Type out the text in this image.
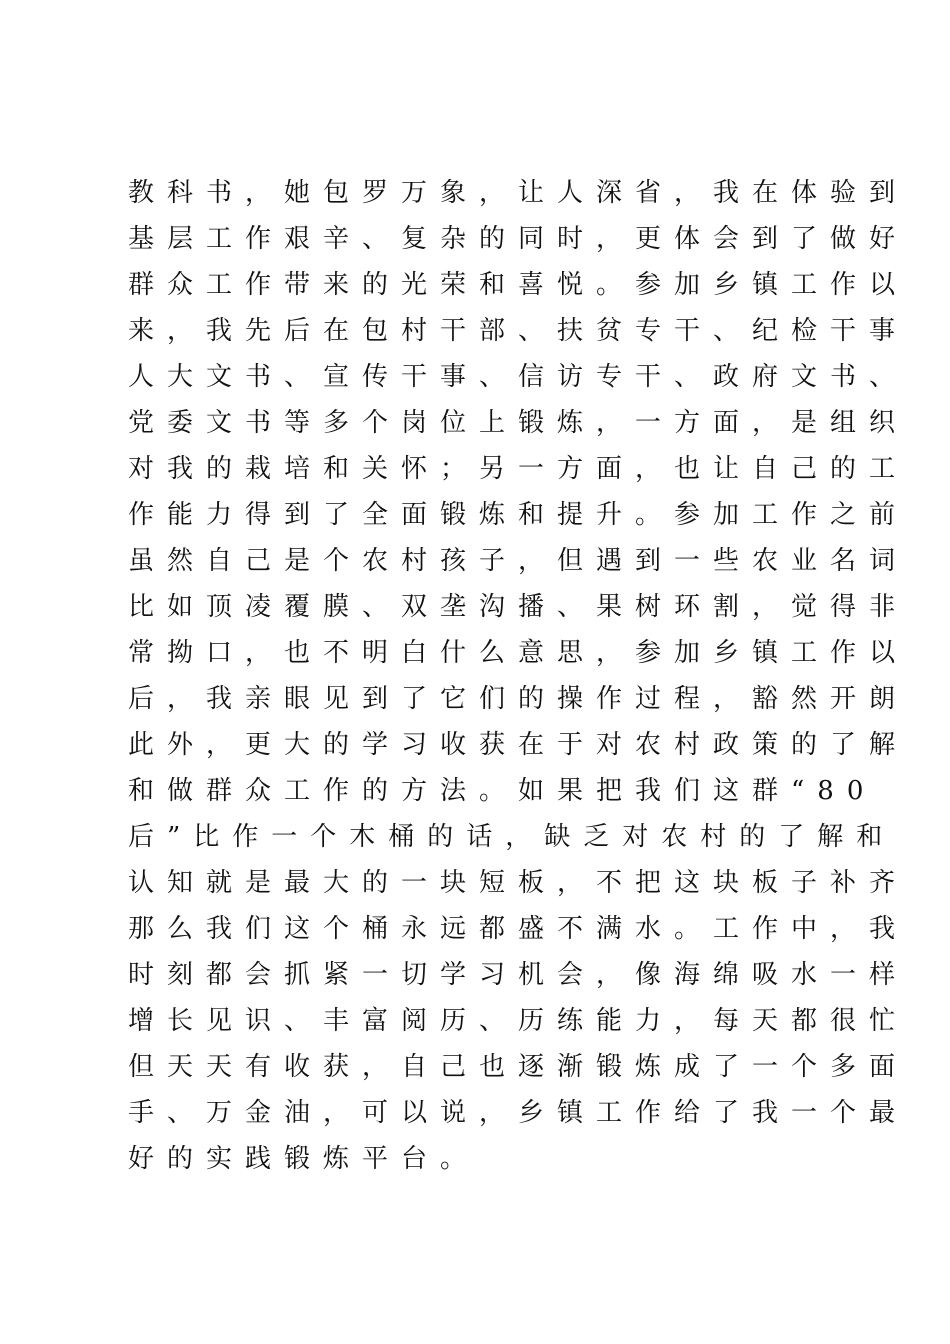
教科书，她包罗万象，让人深省，我在体验到
基层工作艰辛、复杂的同时，更体会到了做好
群众工作带来的光荣和喜悦。参加乡镇工作以
来，我先后在包村干部、扶贫专干、纪检干事
人大文书、宣传干事、信访专干、政府文书、
党委文书等多个岗位上锻炼，一方面，是组织
对我的栽培和关怀；另一方面，也让自己的工
作能力得到了全面锻炼和提升。参加工作之前
虽然自己是个农村孩子，但遇到一些农业名词
比如顶凌覆膜、双垄沟播、果树环割，觉得非
常拗口，也不明白什么意思，参加乡镇工作以
后，我亲眼见到了它们的操作过程，豁然开朗
此外，更大的学习收获在于对农村政策的了解
和做群众工作的方法。如果把我们这群“80
后”比作一个木桶的话，缺乏对农村的了解和
认知就是最大的一块短板，不把这块板子补齐
那么我们这个桶永远都盛不满水。工作中，我
时刻都会抓紧一切学习机会，像海绵吸水一样
增长见识、丰富阅历、历练能力，每天都很忙
但天天有收获，自己也逐渐锻炼成了一个多面
手、万金油，可以说，乡镇工作给了我一个最
好的实践锻炼平台。
